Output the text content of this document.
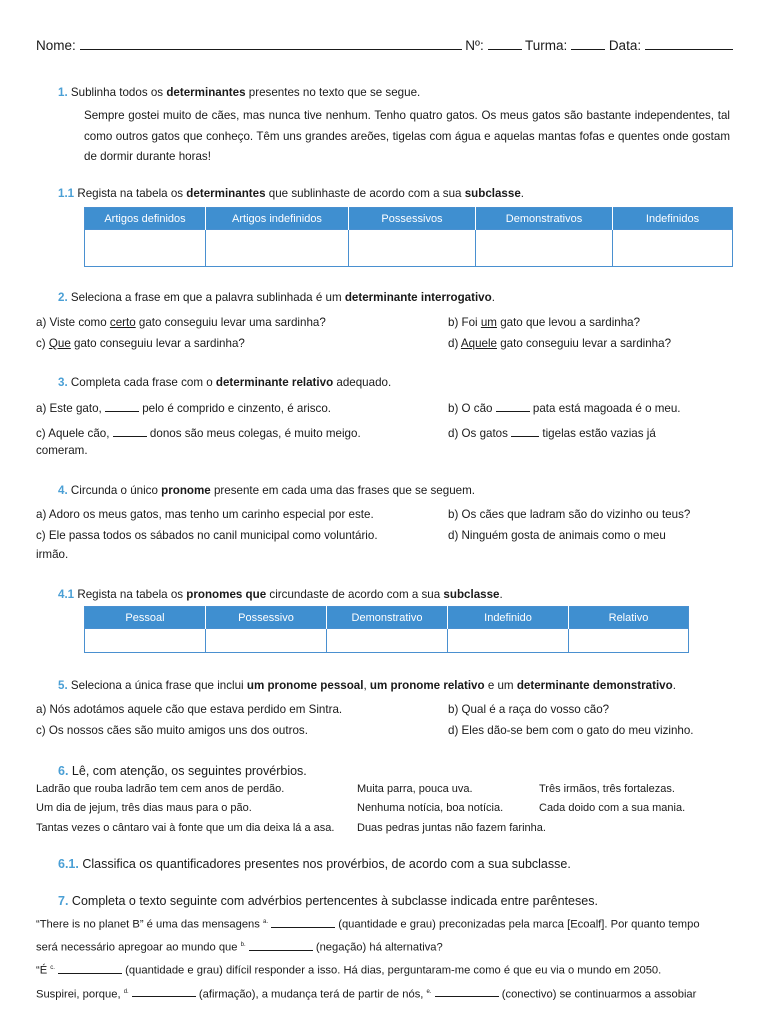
Nome:	Nº:	Turma:	Data:
1. Sublinha todos os determinantes presentes no texto que se segue.
Sempre gostei muito de cães, mas nunca tive nenhum. Tenho quatro gatos. Os meus gatos são bastante independentes, tal como outros gatos que conheço. Têm uns grandes areões, tigelas com água e aquelas mantas fofas e quentes onde gostam de dormir durante horas!
1.1 Regista na tabela os determinantes que sublinhaste de acordo com a sua subclasse.
Artigos definidos	Artigos indefinidos	Possessivos	Demonstrativos	Indefinidos

2. Seleciona a frase em que a palavra sublinhada é um determinante interrogativo.
a) Viste como certo gato conseguiu levar uma sardinha?	b) Foi um gato que levou a sardinha?
c) Que gato conseguiu levar a sardinha?	d) Aquele gato conseguiu levar a sardinha?
3. Completa cada frase com o determinante relativo adequado.
a) Este gato,	pelo é comprido e cinzento, é arisco.	b) O cão	pata está magoada é o meu.
c) Aquele cão,	donos são meus colegas, é muito meigo.	d) Os gatos  tigelas estão vazias já
comeram.
4. Circunda o único pronome presente em cada uma das frases que se seguem.
a) Adoro os meus gatos, mas tenho um carinho especial por este.	b) Os cães que ladram são do vizinho ou teus?
c) Ele passa todos os sábados no canil municipal como voluntário.	d) Ninguém gosta de animais como o meu
irmão.
4.1 Regista na tabela os pronomes que circundaste de acordo com a sua subclasse.
Pessoal	Possessivo	Demonstrativo	Indefinido	Relativo

5. Seleciona a única frase que inclui um pronome pessoal, um pronome relativo e um determinante demonstrativo.
a) Nós adotámos aquele cão que estava perdido em Sintra.	b) Qual é a raça do vosso cão?
c) Os nossos cães são muito amigos uns dos outros.	d) Eles dão-se bem com o gato do meu vizinho.
6. Lê, com atenção, os seguintes provérbios.
Ladrão que rouba ladrão tem cem anos de perdão.	Muita parra, pouca uva.	Três irmãos, três fortalezas.
Um dia de jejum, três dias maus para o pão.	Nenhuma notícia, boa notícia.	Cada doido com a sua mania.
Tantas vezes o cântaro vai à fonte que um dia deixa lá a asa. Duas pedras juntas não fazem farinha.
6.1. Classifica os quantificadores presentes nos provérbios, de acordo com a sua subclasse.
7. Completa o texto seguinte com advérbios pertencentes à subclasse indicada entre parênteses.
“There is no planet B” é uma das mensagens $^{a.}$	(quantidade e grau) preconizadas pela marca [Ecoalf]. Por quanto tempo
será necessário apregoar ao mundo que $^{b.}$	(negação) há alternativa?
“É $^{c.}$	(quantidade e grau) difícil responder a isso. Há dias, perguntaram-me como é que eu via o mundo em 2050.
Suspirei, porque, $^{d.}$	(afirmação), a mudança terá de partir de nós, $^{e.}$	(conectivo) se continuarmos a assobiar
